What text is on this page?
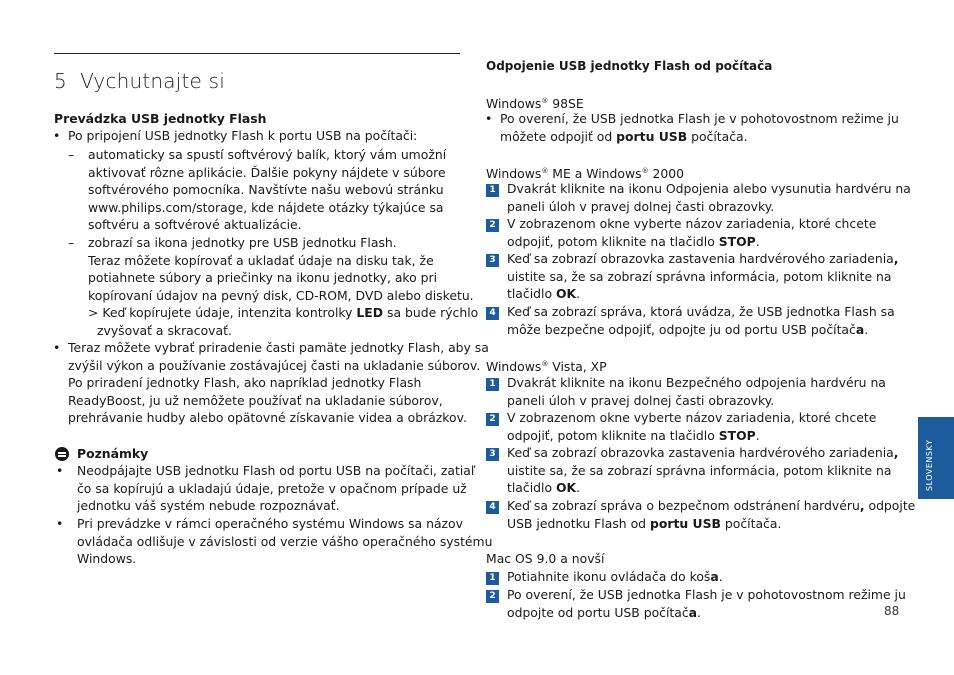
5 Vychutnajte si
Prevádzka USB jednotky Flash
• Po pripojení USB jednotky Flash k portu USB na počítači:
– automaticky sa spustí softvérový balík, ktorý vám umožní
aktivovať rôzne aplikácie. Ďalšie pokyny nájdete v súbore
softvérového pomocníka. Navštívte našu webovú stránku
www.philips.com/storage, kde nájdete otázky týkajúce sa
softvéru a softvérové aktualizácie.
– zobrazí sa ikona jednotky pre USB jednotku Flash.
Teraz môžete kopírovať a ukladať údaje na disku tak, že
potiahnete súbory a priečinky na ikonu jednotky, ako pri
kopírovaní údajov na pevný disk, CD-ROM, DVD alebo disketu.
> Keď kopírujete údaje, intenzita kontrolky LED sa bude rýchlo
zvyšovať a skracovať.
• Teraz môžete vybrať priradenie časti pamäte jednotky Flash, aby sa
zvýšil výkon a používanie zostávajúcej časti na ukladanie súborov.
Po priradení jednotky Flash, ako napríklad jednotky Flash
ReadyBoost, ju už nemôžete používať na ukladanie súborov,
prehrávanie hudby alebo opätovné získavanie videa a obrázkov.
Poznámky
• Neodpájajte USB jednotku Flash od portu USB na počítači, zatiaľ
čo sa kopírujú a ukladajú údaje, pretože v opačnom prípade už
jednotku váš systém nebude rozpoznávať.
• Pri prevádzke v rámci operačného systému Windows sa názov
ovládača odlišuje v závislosti od verzie vášho operačného systému
Windows.
Odpojenie USB jednotky Flash od počítača
Windows® 98SE
• Po overení, že USB jednotka Flash je v pohotovostnom režime ju
môžete odpojiť od portu USB počítača.
Windows® ME a Windows® 2000
1 Dvakrát kliknite na ikonu Odpojenia alebo vysunutia hardvéru na
paneli úloh v pravej dolnej časti obrazovky.
2 V zobrazenom okne vyberte názov zariadenia, ktoré chcete
odpojiť, potom kliknite na tlačidlo STOP.
3 Keď sa zobrazí obrazovka zastavenia hardvérového zariadenia,
uistite sa, že sa zobrazí správna informácia, potom kliknite na
tlačidlo OK.
4 Keď sa zobrazí správa, ktorá uvádza, že USB jednotka Flash sa
môže bezpečne odpojiť, odpojte ju od portu USB počítača.
Windows® Vista, XP
1 Dvakrát kliknite na ikonu Bezpečného odpojenia hardvéru na
paneli úloh v pravej dolnej časti obrazovky.
2 V zobrazenom okne vyberte názov zariadenia, ktoré chcete
odpojiť, potom kliknite na tlačidlo STOP.
3 Keď sa zobrazí obrazovka zastavenia hardvérového zariadenia,
uistite sa, že sa zobrazí správna informácia, potom kliknite na
tlačidlo OK.
4 Keď sa zobrazí správa o bezpečnom odstránení hardvéru, odpojte
USB jednotku Flash od portu USB počítača.
Mac OS 9.0 a novší
1 Potiahnite ikonu ovládača do koša.
2 Po overení, že USB jednotka Flash je v pohotovostnom režime ju
odpojte od portu USB počítača.
SLOVENSKY
88
